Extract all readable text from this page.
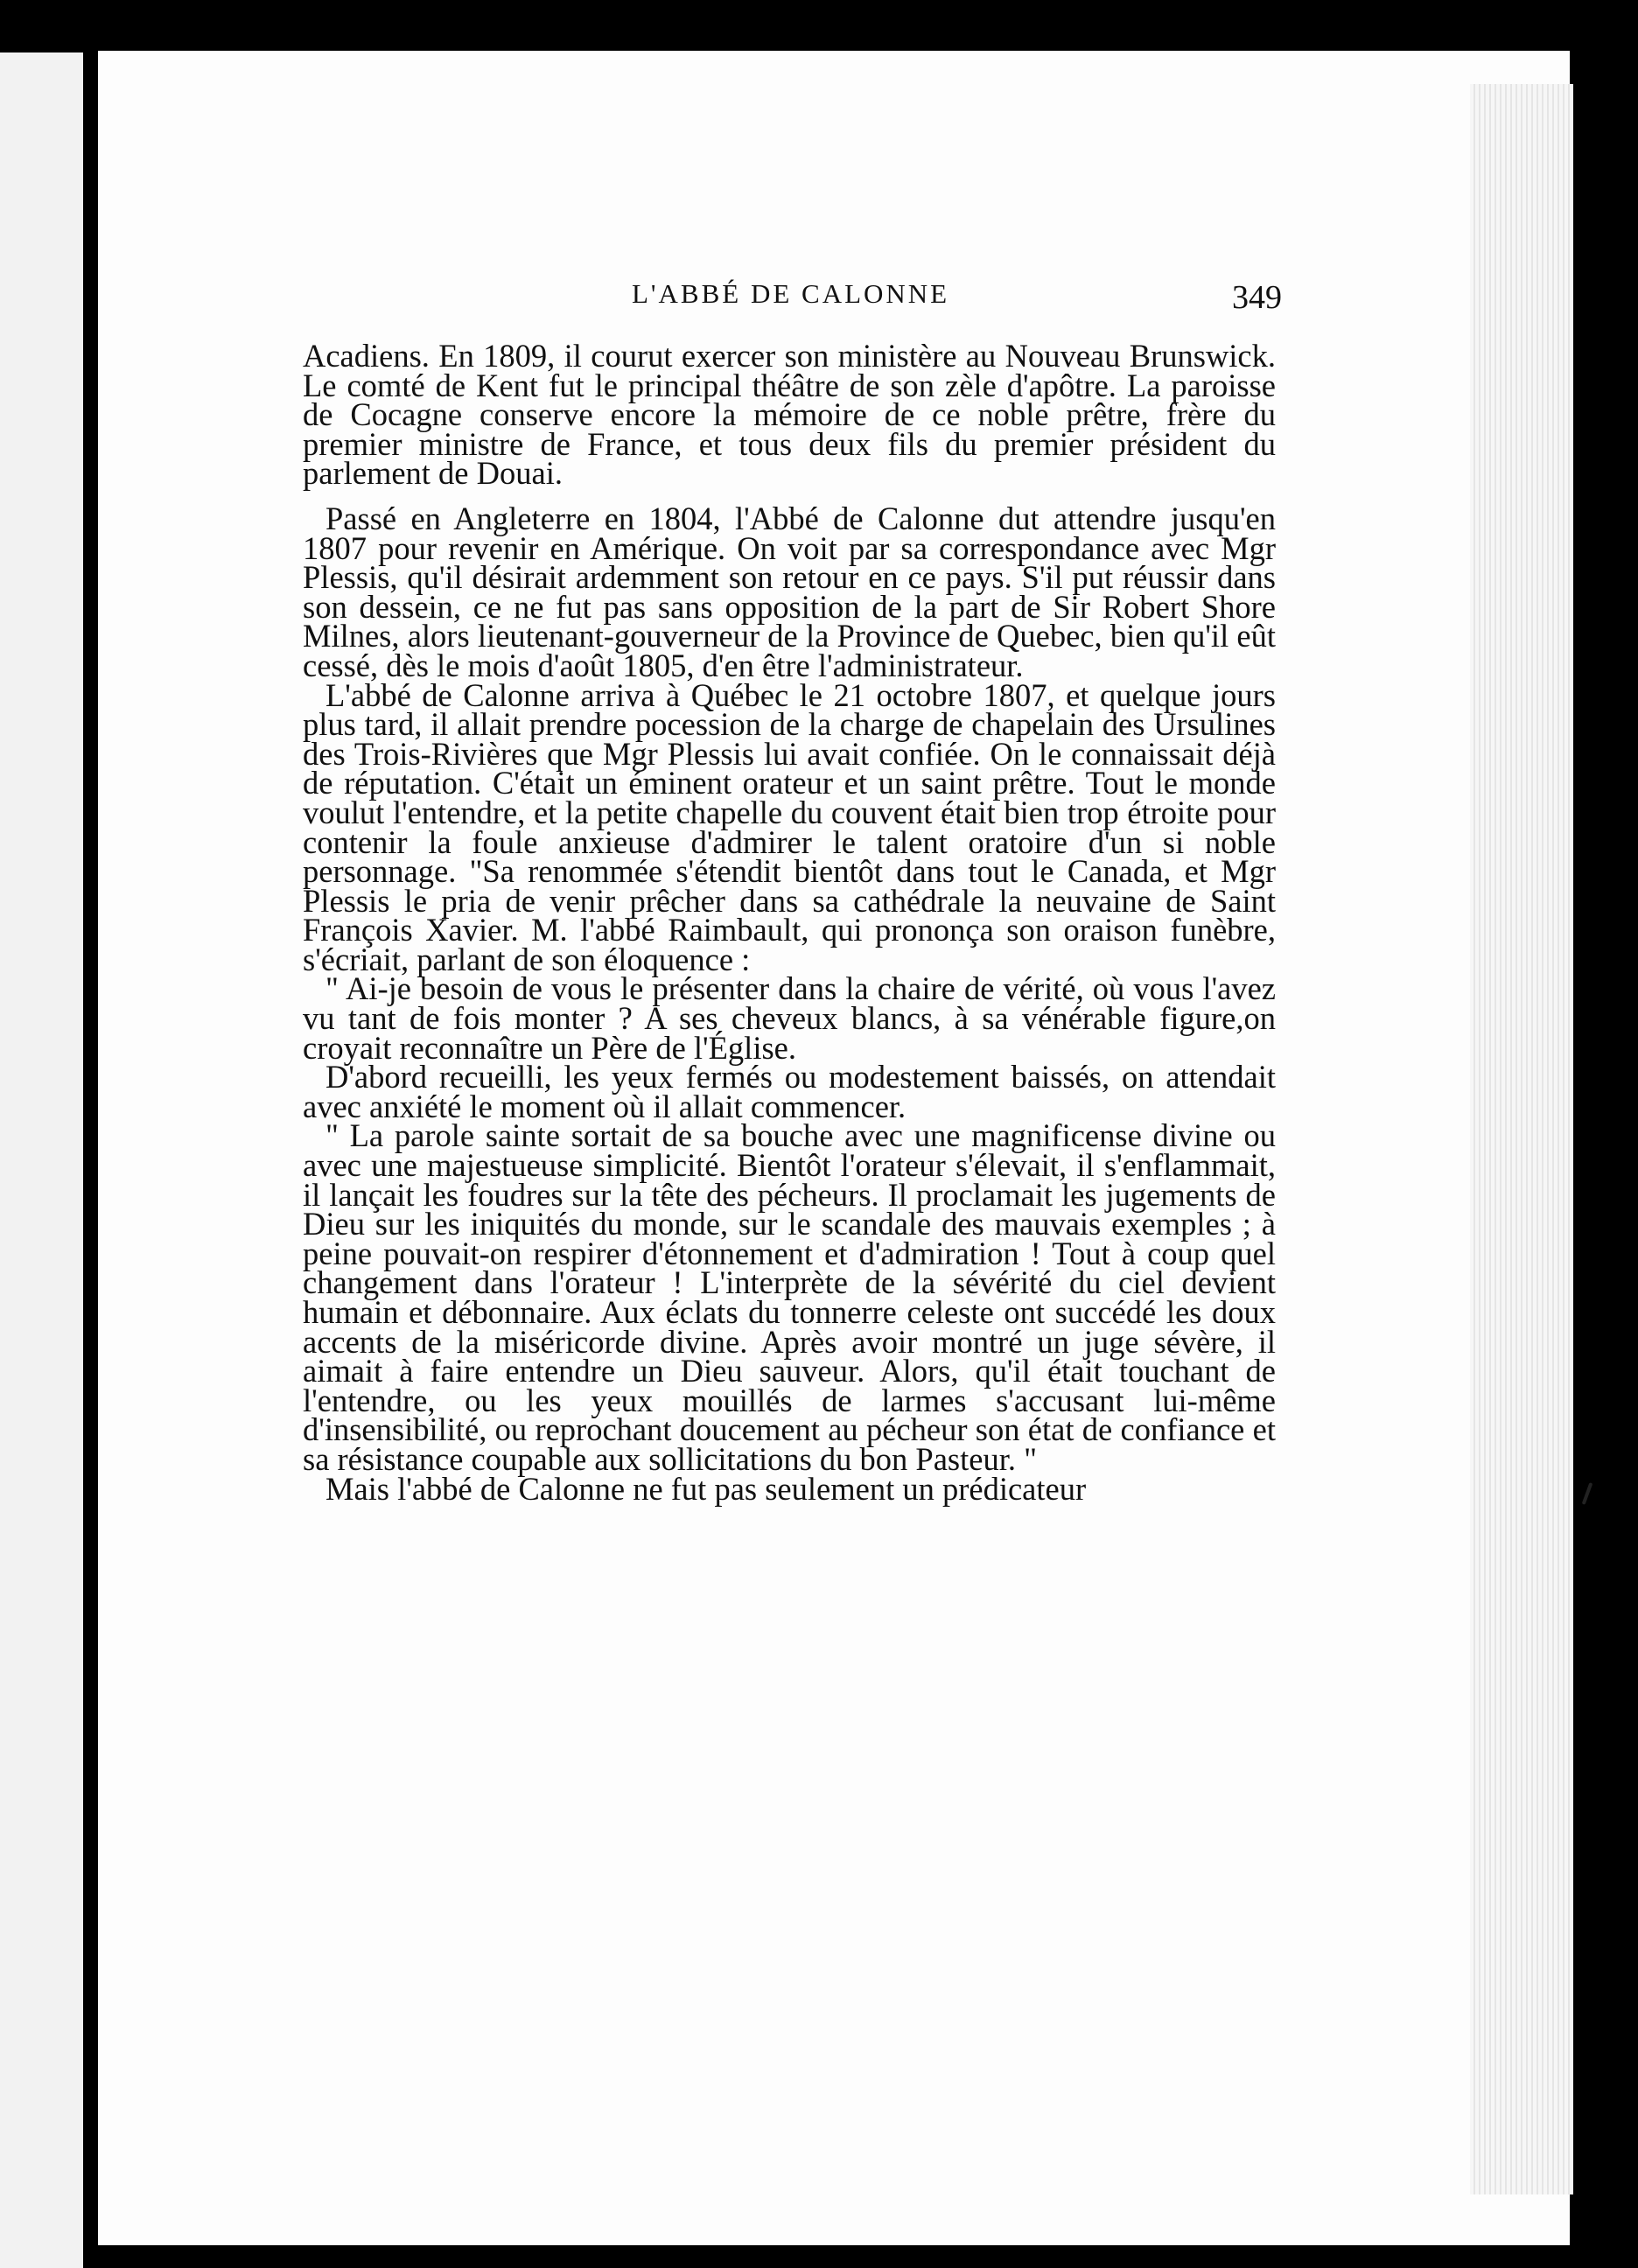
L'ABBÉ DE CALONNE	349

Acadiens. En 1809, il courut exercer son ministère au Nouveau Brunswick. Le comté de Kent fut le principal théâtre de son zèle d'apôtre. La paroisse de Cocagne conserve encore la mémoire de ce noble prêtre, frère du premier ministre de France, et tous deux fils du premier président du parlement de Douai.

Passé en Angleterre en 1804, l'Abbé de Calonne dut attendre jusqu'en 1807 pour revenir en Amérique. On voit par sa correspondance avec Mgr Plessis, qu'il désirait ardemment son retour en ce pays. S'il put réussir dans son dessein, ce ne fut pas sans opposition de la part de Sir Robert Shore Milnes, alors lieutenant-gouverneur de la Province de Quebec, bien qu'il eût cessé, dès le mois d'août 1805, d'en être l'administrateur.

L'abbé de Calonne arriva à Québec le 21 octobre 1807, et quelque jours plus tard, il allait prendre pocession de la charge de chapelain des Ursulines des Trois-Rivières que Mgr Plessis lui avait confiée. On le connaissait déjà de réputation. C'était un éminent orateur et un saint prêtre. Tout le monde voulut l'entendre, et la petite chapelle du couvent était bien trop étroite pour contenir la foule anxieuse d'admirer le talent oratoire d'un si noble personnage. "Sa renommée s'étendit bientôt dans tout le Canada, et Mgr Plessis le pria de venir prêcher dans sa cathédrale la neuvaine de Saint François Xavier. M. l'abbé Raimbault, qui prononça son oraison funèbre, s'écriait, parlant de son éloquence :

" Ai-je besoin de vous le présenter dans la chaire de vérité, où vous l'avez vu tant de fois monter ? A ses cheveux blancs, à sa vénérable figure,on croyait reconnaître un Père de l'Église.

D'abord recueilli, les yeux fermés ou modestement baissés, on attendait avec anxiété le moment où il allait commencer.

" La parole sainte sortait de sa bouche avec une magnificense divine ou avec une majestueuse simplicité. Bientôt l'orateur s'élevait, il s'enflammait, il lançait les foudres sur la tête des pécheurs. Il proclamait les jugements de Dieu sur les iniquités du monde, sur le scandale des mauvais exemples ; à peine pouvait-on respirer d'étonnement et d'admiration ! Tout à coup quel changement dans l'orateur ! L'interprète de la sévérité du ciel devient humain et débonnaire. Aux éclats du tonnerre celeste ont succédé les doux accents de la miséricorde divine. Après avoir montré un juge sévère, il aimait à faire entendre un Dieu sauveur. Alors, qu'il était touchant de l'entendre, ou les yeux mouillés de larmes s'accusant lui-même d'insensibilité, ou reprochant doucement au pécheur son état de confiance et sa résistance coupable aux sollicitations du bon Pasteur. "

Mais l'abbé de Calonne ne fut pas seulement un prédicateur
